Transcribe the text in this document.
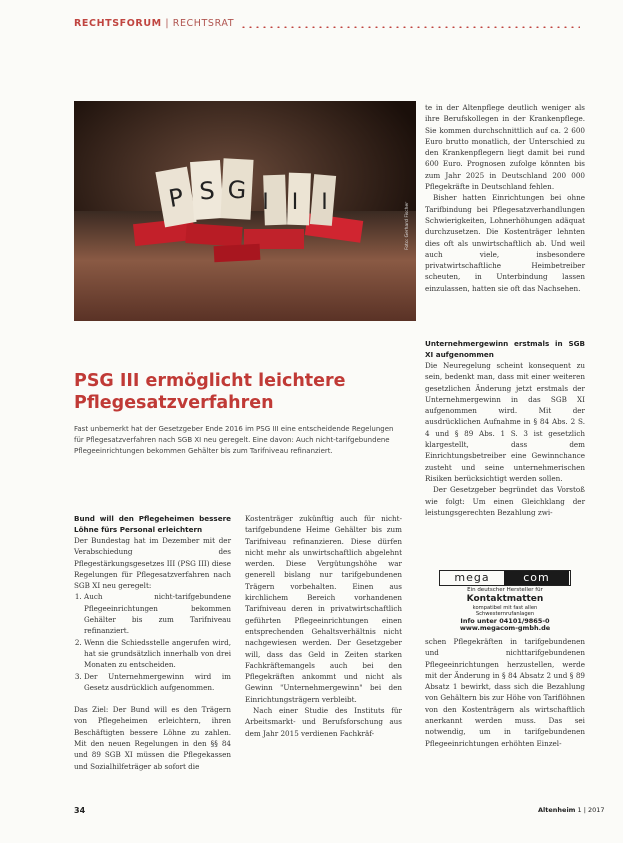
RECHTSFORUM | RECHTSRAT
P S G I I I	Foto: Gerhard Fischer
PSG III ermöglicht leichtere Pflegesatzverfahren
Fast unbemerkt hat der Gesetzgeber Ende 2016 im PSG III eine entscheidende Regelungen für Pflegesatzverfahren nach SGB XI neu geregelt. Eine davon: Auch nicht-tarifgebundene Pflegeeinrichtungen bekommen Gehälter bis zum Tarifniveau refinanziert.
Bund will den Pflegeheimen bessere Löhne fürs Personal erleichtern

Der Bundestag hat im Dezember mit der Verabschiedung des Pflegestärkungsgesetzes III (PSG III) diese Regelungen für Pflegesatzverfahren nach SGB XI neu geregelt:

1. Auch nicht-tarifgebundene Pflegeeinrichtungen bekommen Gehälter bis zum Tarifniveau refinanziert.
2. Wenn die Schiedsstelle angerufen wird, hat sie grundsätzlich innerhalb von drei Monaten zu entscheiden.
3. Der Unternehmergewinn wird im Gesetz ausdrücklich aufgenommen.

Das Ziel: Der Bund will es den Trägern von Pflegeheimen erleichtern, ihren Beschäftigten bessere Löhne zu zahlen. Mit den neuen Regelungen in den §§ 84 und 89 SGB XI müssen die Pflegekassen und Sozialhilfeträger ab sofort die

Kostenträger zukünftig auch für nicht-tarifgebundene Heime Gehälter bis zum Tarifniveau refinanzieren. Diese dürfen nicht mehr als unwirtschaftlich abgelehnt werden. Diese Vergütungshöhe war generell bislang nur tarifgebundenen Trägern vorbehalten. Einen aus kirchlichem Bereich vorhandenen Tarifniveau deren in privatwirtschaftlich geführten Pflegeeinrichtungen einen entsprechenden Gehaltsverhältnis nicht nachgewiesen werden. Der Gesetzgeber will, dass das Geld in Zeiten starken Fachkräftemangels auch bei den Pflegekräften ankommt und nicht als Gewinn "Unternehmergewinn" bei den Einrichtungsträgern verbleibt.

Nach einer Studie des Instituts für Arbeitsmarkt- und Berufsforschung aus dem Jahr 2015 verdienen Fachkräf-

te in der Altenpflege deutlich weniger als ihre Berufskollegen in der Krankenpflege. Sie kommen durchschnittlich auf ca. 2 600 Euro brutto monatlich, der Unterschied zu den Krankenpflegern liegt damit bei rund 600 Euro. Prognosen zufolge könnten bis zum Jahr 2025 in Deutschland 200 000 Pflegekräfte in Deutschland fehlen.

Bisher hatten Einrichtungen bei ohne Tarifbindung bei Pflegesatzverhandlungen Schwierigkeiten, Lohnerhöhungen adäquat durchzusetzen. Die Kostenträger lehnten dies oft als unwirtschaftlich ab. Und weil auch viele, insbesondere privatwirtschaftliche Heimbetreiber scheuten, in Unterbindung lassen einzulassen, hatten sie oft das Nachsehen.

Unternehmergewinn erstmals in SGB XI aufgenommen

Die Neuregelung scheint konsequent zu sein, bedenkt man, dass mit einer weiteren gesetzlichen Änderung jetzt erstmals der Unternehmergewinn in das SGB XI aufgenommen wird. Mit der ausdrücklichen Aufnahme in § 84 Abs. 2 S. 4 und § 89 Abs. 1 S. 3 ist gesetzlich klargestellt, dass dem Einrichtungsbetreiber eine Gewinnchance zusteht und seine unternehmerischen Risiken berücksichtigt werden sollen.

Der Gesetzgeber begründet das Vorstoß wie folgt: Um einen Gleichklang der leistungsgerechten Bezahlung zwi-

mega	com
Ein deutscher Hersteller für
Kontaktmatten
kompatibel mit fast allen
Schwesternrufanlagen
Info unter 04101/9865-0
www.megacom-gmbh.de

schen Pflegekräften in tarifgebundenen und nichttarifgebundenen Pflegeeinrichtungen herzustellen, werde mit der Änderung in § 84 Absatz 2 und § 89 Absatz 1 bewirkt, dass sich die Bezahlung von Gehältern bis zur Höhe von Tariflöhnen von den Kostenträgern als wirtschaftlich anerkannt werden muss. Das sei notwendig, um in tarifgebundenen Pflegeeinrichtungen erhöhten Einzel-

34	Altenheim 1 | 2017
